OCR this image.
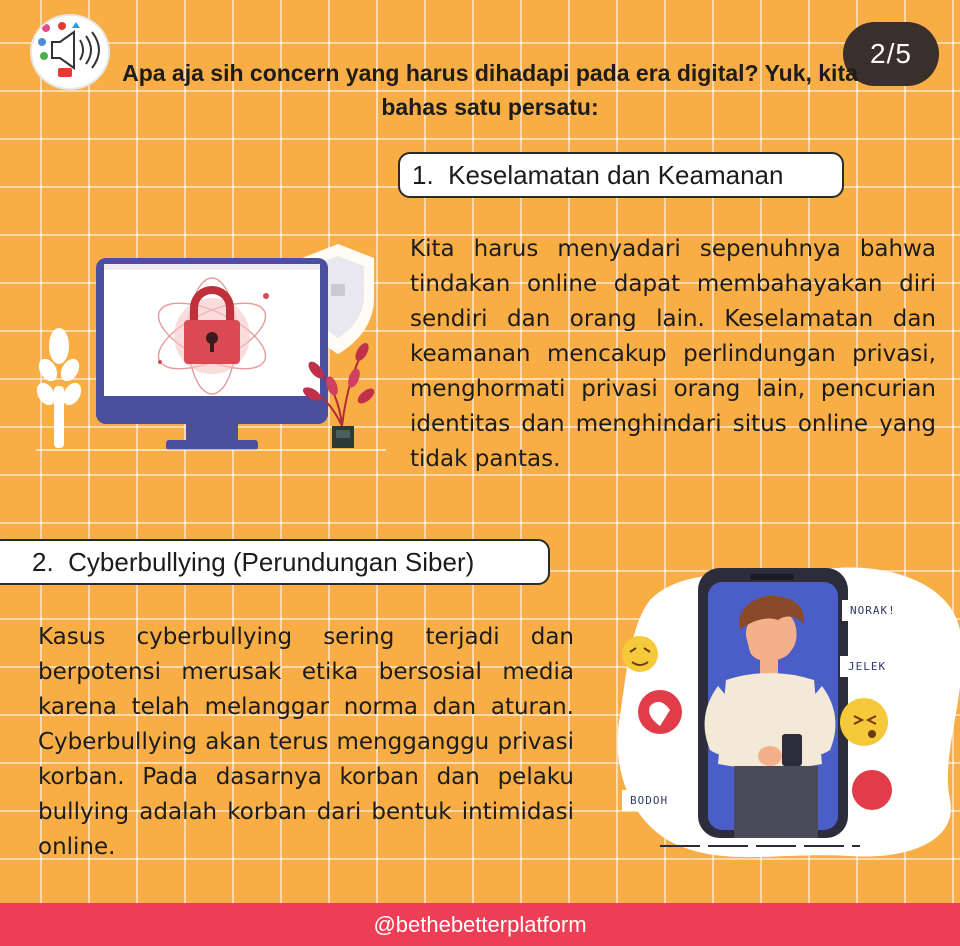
2/5
Apa aja sih concern yang harus dihadapi pada era digital? Yuk, kita bahas satu persatu:
1.  Keselamatan dan Keamanan
Kita harus menyadari sepenuhnya bahwa tindakan online dapat membahayakan diri sendiri dan orang lain. Keselamatan dan keamanan mencakup perlindungan privasi, menghormati privasi orang lain, pencurian identitas dan menghindari situs online yang tidak pantas.
2.  Cyberbullying (Perundungan Siber)
Kasus cyberbullying sering terjadi dan berpotensi merusak etika bersosial media karena telah melanggar norma dan aturan. Cyberbullying akan terus mengganggu privasi korban. Pada dasarnya korban dan pelaku bullying adalah korban dari bentuk intimidasi online.
NORAK!
JELEK
BODOH
@bethebetterplatform
